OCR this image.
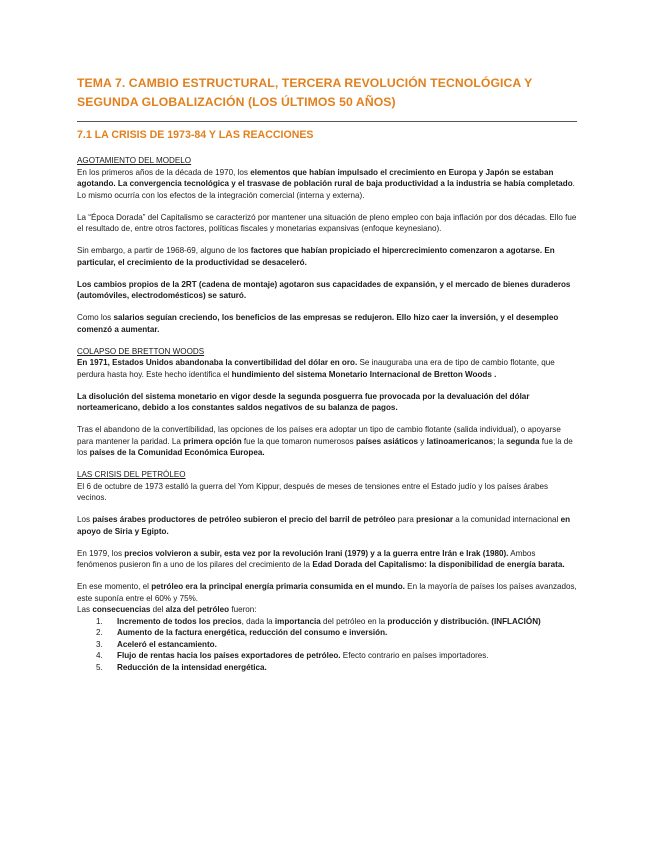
TEMA 7. CAMBIO ESTRUCTURAL, TERCERA REVOLUCIÓN TECNOLÓGICA Y
SEGUNDA GLOBALIZACIÓN (LOS ÚLTIMOS 50 AÑOS)
7.1 LA CRISIS DE 1973-84 Y LAS REACCIONES

AGOTAMIENTO DEL MODELO

En los primeros años de la década de 1970, los elementos que habían impulsado el crecimiento en Europa y Japón se estaban agotando. La convergencia tecnológica y el trasvase de población rural de baja productividad a la industria se había completado. Lo mismo ocurría con los efectos de la integración comercial (interna y externa).

La “Época Dorada” del Capitalismo se caracterizó por mantener una situación de pleno empleo con baja inflación por dos décadas. Ello fue el resultado de, entre otros factores, políticas fiscales y monetarias expansivas (enfoque keynesiano).

Sin embargo, a partir de 1968-69, alguno de los factores que habían propiciado el hipercrecimiento comenzaron a agotarse. En particular, el crecimiento de la productividad se desaceleró.

Los cambios propios de la 2RT (cadena de montaje) agotaron sus capacidades de expansión, y el mercado de bienes duraderos (automóviles, electrodomésticos) se saturó.

Como los salarios seguían creciendo, los beneficios de las empresas se redujeron. Ello hizo caer la inversión, y el desempleo comenzó a aumentar.

COLAPSO DE BRETTON WOODS

En 1971, Estados Unidos abandonaba la convertibilidad del dólar en oro. Se inauguraba una era de tipo de cambio flotante, que perdura hasta hoy. Este hecho identifica el hundimiento del sistema Monetario Internacional de Bretton Woods .

La disolución del sistema monetario en vigor desde la segunda posguerra fue provocada por la devaluación del dólar norteamericano, debido a los constantes saldos negativos de su balanza de pagos.

Tras el abandono de la convertibilidad, las opciones de los países era adoptar un tipo de cambio flotante (salida individual), o apoyarse para mantener la paridad. La primera opción fue la que tomaron numerosos países asiáticos y latinoamericanos; la segunda fue la de los países de la Comunidad Económica Europea.

LAS CRISIS DEL PETRÓLEO

El 6 de octubre de 1973 estalló la guerra del Yom Kippur, después de meses de tensiones entre el Estado judío y los países árabes vecinos.

Los países árabes productores de petróleo subieron el precio del barril de petróleo para presionar a la comunidad internacional en apoyo de Siria y Egipto.

En 1979, los precios volvieron a subir, esta vez por la revolución Irani (1979) y a la guerra entre Irán e Irak (1980). Ambos fenómenos pusieron fin a uno de los pilares del crecimiento de la Edad Dorada del Capitalismo: la disponibilidad de energía barata.

En ese momento, el petróleo era la principal energía primaria consumida en el mundo. En la mayoría de países los países avanzados, este suponía entre el 60% y 75%.

Las consecuencias del alza del petróleo fueron:

1. Incremento de todos los precios, dada la importancia del petróleo en la producción y distribución. (INFLACIÓN)
2. Aumento de la factura energética, reducción del consumo e inversión.
3. Aceleró el estancamiento.
4. Flujo de rentas hacia los países exportadores de petróleo. Efecto contrario en países importadores.
5. Reducción de la intensidad energética.
